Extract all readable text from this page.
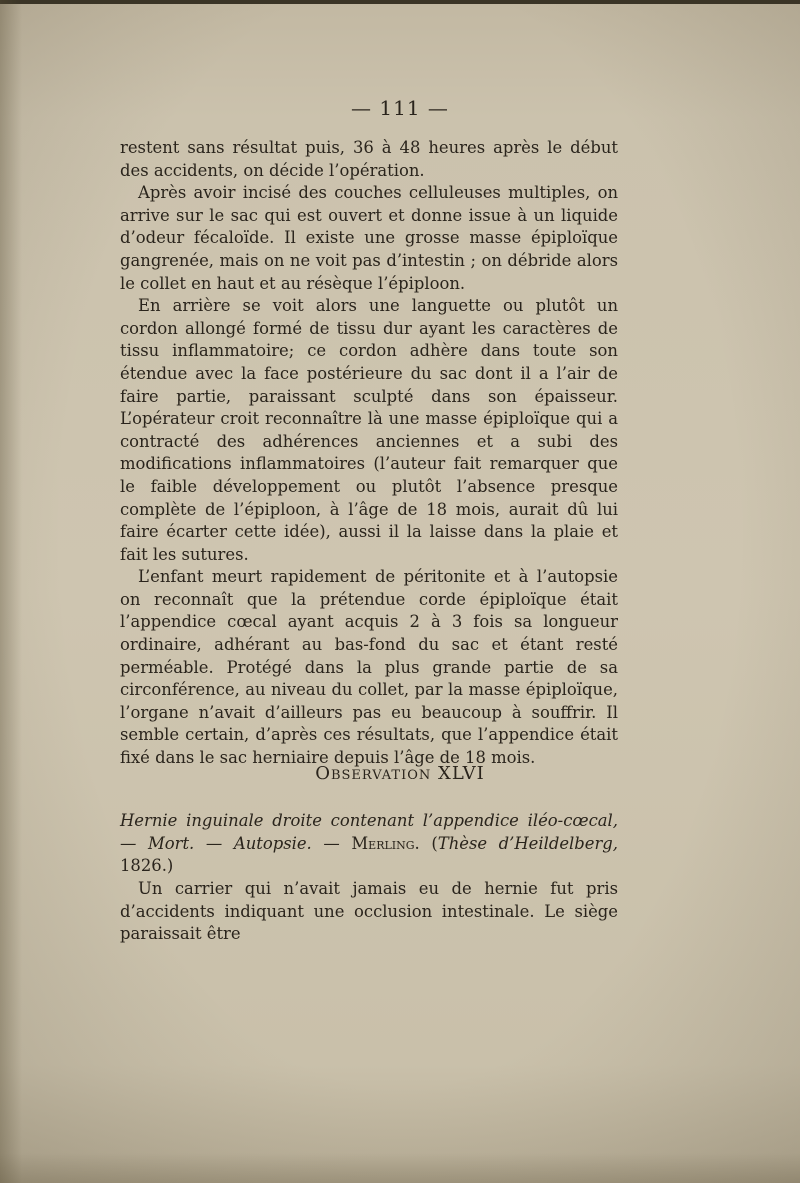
— 111 —

restent sans résultat puis, 36 à 48 heures après le début des accidents, on décide l’opération.

Après avoir incisé des couches celluleuses multiples, on arrive sur le sac qui est ouvert et donne issue à un liquide d’odeur fécaloïde. Il existe une grosse masse épiploïque gangrenée, mais on ne voit pas d’intestin ; on débride alors le collet en haut et au résèque l’épiploon.

En arrière se voit alors une languette ou plutôt un cordon allongé formé de tissu dur ayant les caractères de tissu inflammatoire; ce cordon adhère dans toute son étendue avec la face postérieure du sac dont il a l’air de faire partie, paraissant sculpté dans son épaisseur. L’opérateur croit reconnaître là une masse épiploïque qui a contracté des adhérences anciennes et a subi des modifications inflammatoires (l’auteur fait remarquer que le faible développement ou plutôt l’absence presque complète de l’épiploon, à l’âge de 18 mois, aurait dû lui faire écarter cette idée), aussi il la laisse dans la plaie et fait les sutures.

L’enfant meurt rapidement de péritonite et à l’autopsie on reconnaît que la prétendue corde épiploïque était l’appendice cœcal ayant acquis 2 à 3 fois sa longueur ordinaire, adhérant au bas-fond du sac et étant resté perméable. Protégé dans la plus grande partie de sa circonférence, au niveau du collet, par la masse épiploïque, l’organe n’avait d’ailleurs pas eu beaucoup à souffrir. Il semble certain, d’après ces résultats, que l’appendice était fixé dans le sac herniaire depuis l’âge de 18 mois.

Observation XLVI
Hernie inguinale droite contenant l’appendice iléo-cœcal, — Mort. — Autopsie. — Merling. (Thèse d’Heildelberg, 1826.)

Un carrier qui n’avait jamais eu de hernie fut pris d’accidents indiquant une occlusion intestinale. Le siège paraissait être
